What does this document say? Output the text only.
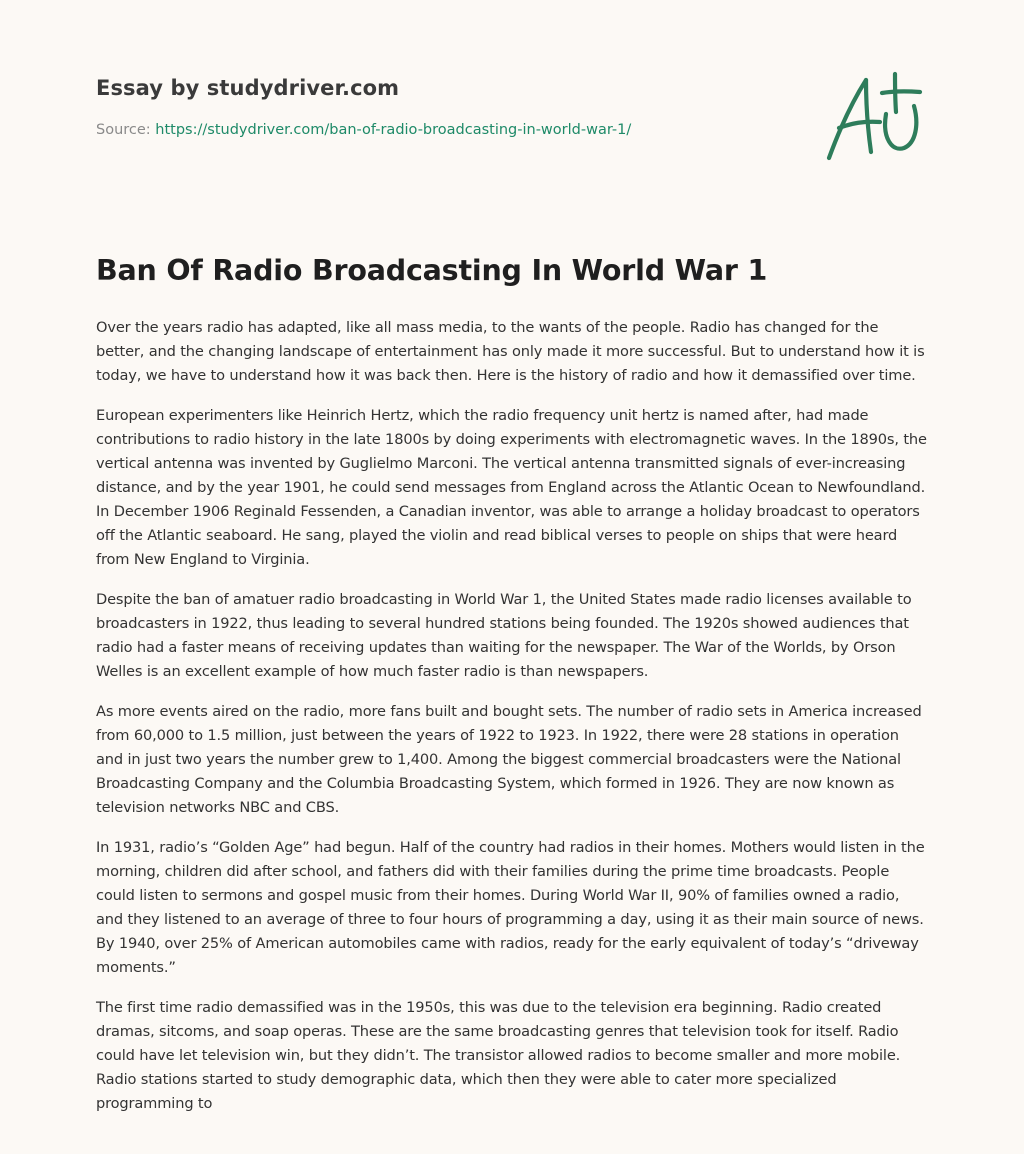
Essay by studydriver.com
Source: https://studydriver.com/ban-of-radio-broadcasting-in-world-war-1/
Ban Of Radio Broadcasting In World War 1

Over the years radio has adapted, like all mass media, to the wants of the people. Radio has changed for the better, and the changing landscape of entertainment has only made it more successful. But to understand how it is today, we have to understand how it was back then. Here is the history of radio and how it demassified over time.

European experimenters like Heinrich Hertz, which the radio frequency unit hertz is named after, had made contributions to radio history in the late 1800s by doing experiments with electromagnetic waves. In the 1890s, the vertical antenna was invented by Guglielmo Marconi. The vertical antenna transmitted signals of ever-increasing distance, and by the year 1901, he could send messages from England across the Atlantic Ocean to Newfoundland. In December 1906 Reginald Fessenden, a Canadian inventor, was able to arrange a holiday broadcast to operators off the Atlantic seaboard. He sang, played the violin and read biblical verses to people on ships that were heard from New England to Virginia.

Despite the ban of amatuer radio broadcasting in World War 1, the United States made radio licenses available to broadcasters in 1922, thus leading to several hundred stations being founded. The 1920s showed audiences that radio had a faster means of receiving updates than waiting for the newspaper. The War of the Worlds, by Orson Welles is an excellent example of how much faster radio is than newspapers.

As more events aired on the radio, more fans built and bought sets. The number of radio sets in America increased from 60,000 to 1.5 million, just between the years of 1922 to 1923. In 1922, there were 28 stations in operation and in just two years the number grew to 1,400. Among the biggest commercial broadcasters were the National Broadcasting Company and the Columbia Broadcasting System, which formed in 1926. They are now known as television networks NBC and CBS.

In 1931, radio’s “Golden Age” had begun. Half of the country had radios in their homes. Mothers would listen in the morning, children did after school, and fathers did with their families during the prime time broadcasts. People could listen to sermons and gospel music from their homes. During World War II, 90% of families owned a radio, and they listened to an average of three to four hours of programming a day, using it as their main source of news. By 1940, over 25% of American automobiles came with radios, ready for the early equivalent of today’s “driveway moments.”

The first time radio demassified was in the 1950s, this was due to the television era beginning. Radio created dramas, sitcoms, and soap operas. These are the same broadcasting genres that television took for itself. Radio could have let television win, but they didn’t. The transistor allowed radios to become smaller and more mobile. Radio stations started to study demographic data, which then they were able to cater more specialized programming to
